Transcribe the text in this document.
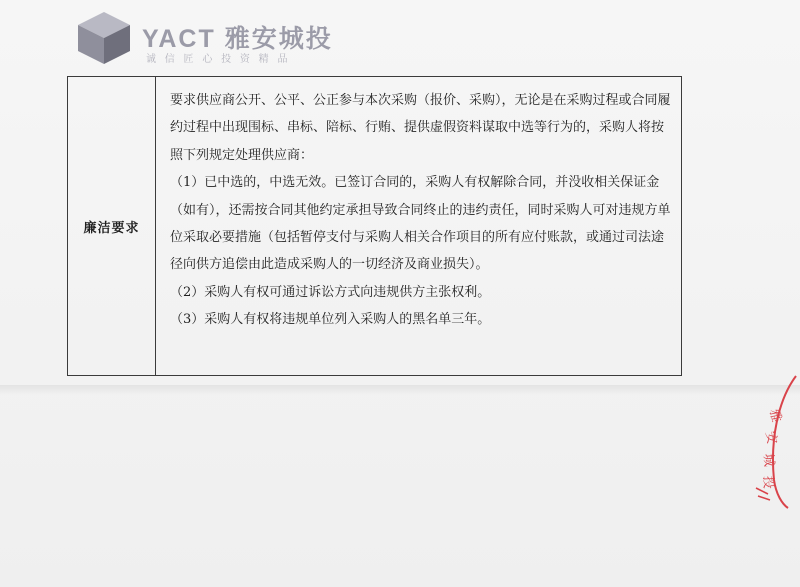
YACT 雅安城投
诚 信 匠 心 投 资 精 品
廉洁要求

要求供应商公开、公平、公正参与本次采购（报价、采购），无论是在采购过程或合同履约过程中出现围标、串标、陪标、行贿、提供虚假资料谋取中选等行为的，采购人将按照下列规定处理供应商：

（1）已中选的，中选无效。已签订合同的，采购人有权解除合同，并没收相关保证金（如有），还需按合同其他约定承担导致合同终止的违约责任，同时采购人可对违规方单位采取必要措施（包括暂停支付与采购人相关合作项目的所有应付账款，或通过司法途径向供方追偿由此造成采购人的一切经济及商业损失）。

（2）采购人有权可通过诉讼方式向违规供方主张权利。

（3）采购人有权将违规单位列入采购人的黑名单三年。

雅
安
城
投
